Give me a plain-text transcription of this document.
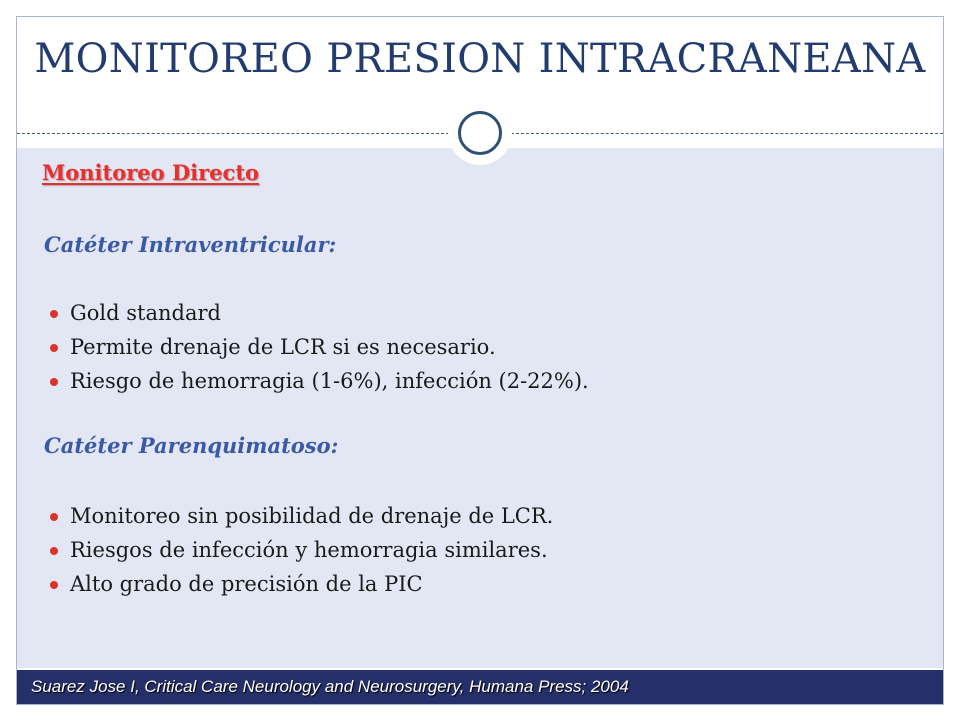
MONITOREO PRESION INTRACRANEANA
Monitoreo Directo
Catéter Intraventricular:
Gold standard
Permite drenaje de LCR si es necesario.
Riesgo de hemorragia (1-6%), infección (2-22%).
Catéter Parenquimatoso:
Monitoreo sin posibilidad de drenaje de LCR.
Riesgos de infección y hemorragia similares.
Alto grado de precisión de la PIC

Suarez Jose I, Critical Care Neurology and Neurosurgery, Humana Press; 2004
